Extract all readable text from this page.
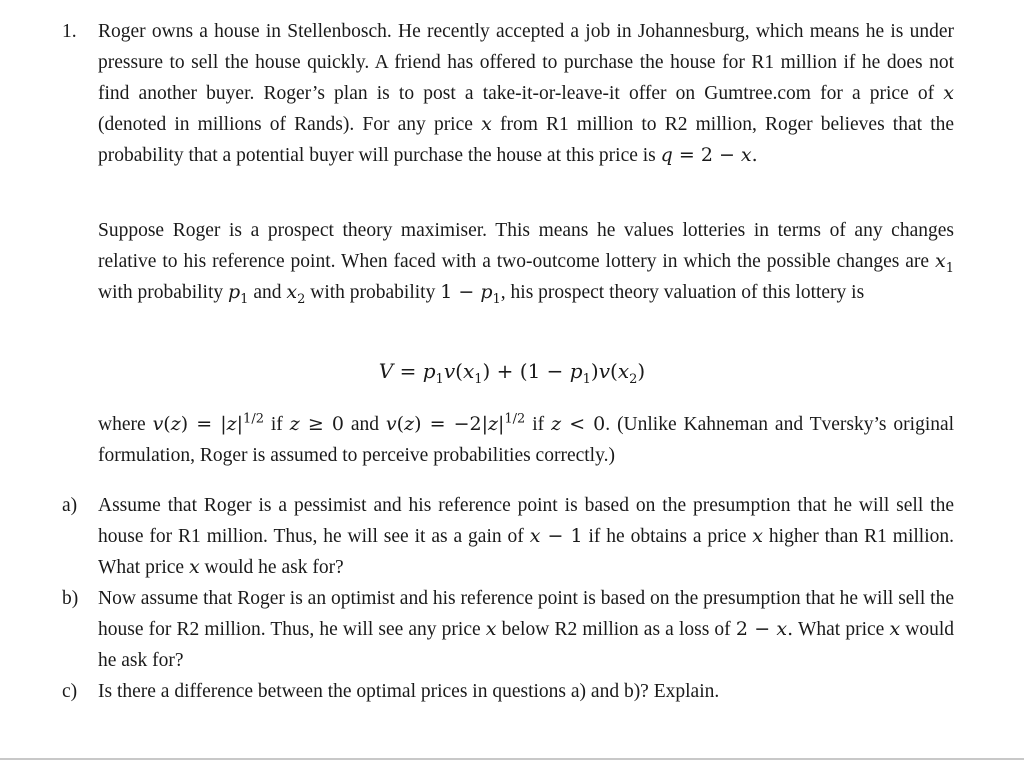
1. Roger owns a house in Stellenbosch. He recently accepted a job in Johannesburg, which means he is under pressure to sell the house quickly. A friend has offered to purchase the house for R1 million if he does not find another buyer. Roger’s plan is to post a take-it-or-leave-it offer on Gumtree.com for a price of x (denoted in millions of Rands). For any price x from R1 million to R2 million, Roger believes that the probability that a potential buyer will purchase the house at this price is q = 2 − x.
Suppose Roger is a prospect theory maximiser. This means he values lotteries in terms of any changes relative to his reference point. When faced with a two-outcome lottery in which the possible changes are $x_1$ with probability $p_1$ and $x_2$ with probability $1 - p_1$, his prospect theory valuation of this lottery is
$V = p_1v(x_1) + (1 - p_1)v(x_2)$
where $v(z) = |z|^{1/2}$ if z ≥ 0 and $v(z) = -2|z|^{1/2}$ if z < 0. (Unlike Kahneman and Tversky’s original formulation, Roger is assumed to perceive probabilities correctly.)
a) Assume that Roger is a pessimist and his reference point is based on the presumption that he will sell the house for R1 million. Thus, he will see it as a gain of x − 1 if he obtains a price x higher than R1 million. What price x would he ask for?
b) Now assume that Roger is an optimist and his reference point is based on the presumption that he will sell the house for R2 million. Thus, he will see any price x below R2 million as a loss of 2 − x. What price x would he ask for?
c) Is there a difference between the optimal prices in questions a) and b)? Explain.
